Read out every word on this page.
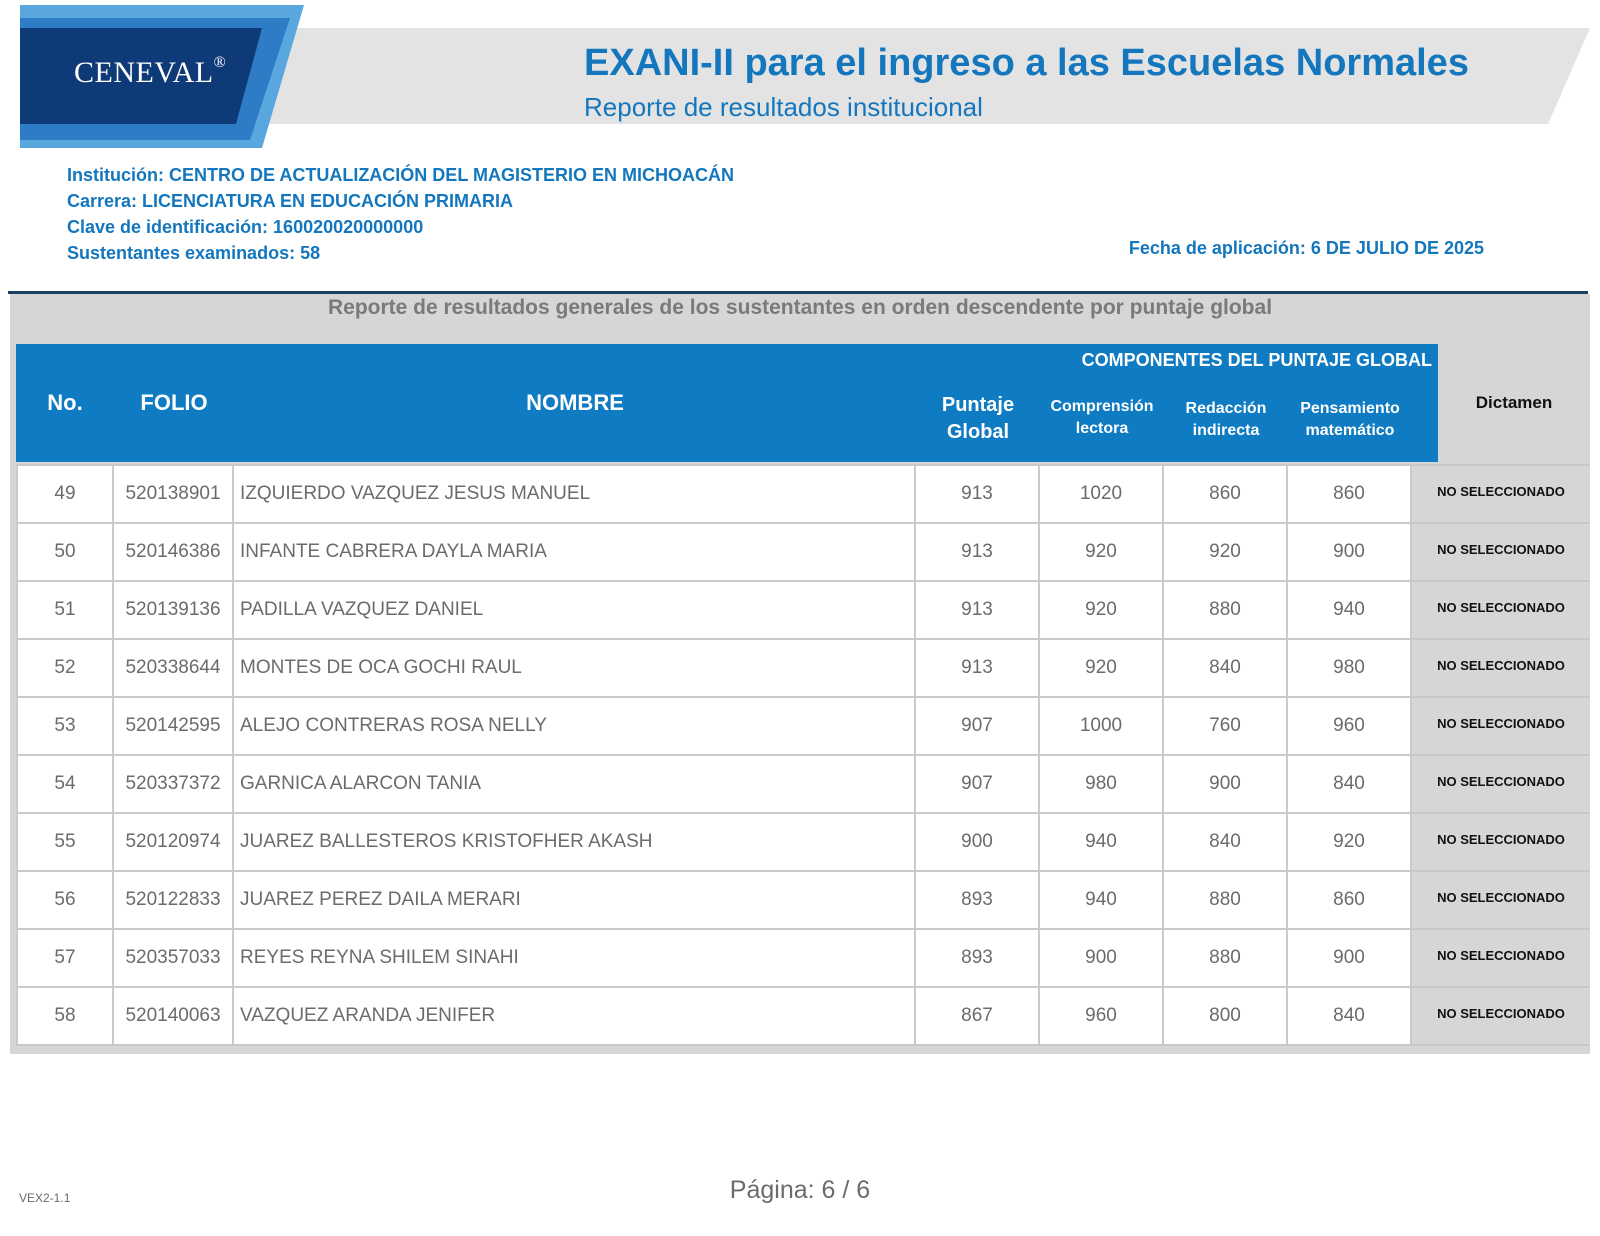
CENEVAL®	EXANI-II para el ingreso a las Escuelas Normales
Reporte de resultados institucional
Institución: CENTRO DE ACTUALIZACIÓN DEL MAGISTERIO EN MICHOACÁN
Carrera: LICENCIATURA EN EDUCACIÓN PRIMARIA
Clave de identificación: 160020020000000
Sustentantes examinados: 58	Fecha de aplicación: 6 DE JULIO DE 2025
Reporte de resultados generales de los sustentantes en orden descendente por puntaje global
No.	FOLIO	NOMBRE	Puntaje
Global
COMPONENTES DEL PUNTAJE GLOBAL
Comprensión
lectora
Redacción
indirecta
Pensamiento
matemático
Dictamen
49	520138901	IZQUIERDO VAZQUEZ JESUS MANUEL	913	1020	860	860	NO SELECCIONADO
50	520146386	INFANTE CABRERA DAYLA MARIA	913	920	920	900	NO SELECCIONADO
51	520139136	PADILLA VAZQUEZ DANIEL	913	920	880	940	NO SELECCIONADO
52	520338644	MONTES DE OCA GOCHI RAUL	913	920	840	980	NO SELECCIONADO
53	520142595	ALEJO CONTRERAS ROSA NELLY	907	1000	760	960	NO SELECCIONADO
54	520337372	GARNICA ALARCON TANIA	907	980	900	840	NO SELECCIONADO
55	520120974	JUAREZ BALLESTEROS KRISTOFHER AKASH	900	940	840	920	NO SELECCIONADO
56	520122833	JUAREZ PEREZ DAILA MERARI	893	940	880	860	NO SELECCIONADO
57	520357033	REYES REYNA SHILEM SINAHI	893	900	880	900	NO SELECCIONADO
58	520140063	VAZQUEZ ARANDA JENIFER	867	960	800	840	NO SELECCIONADO
Página: 6 / 6
VEX2-1.1
